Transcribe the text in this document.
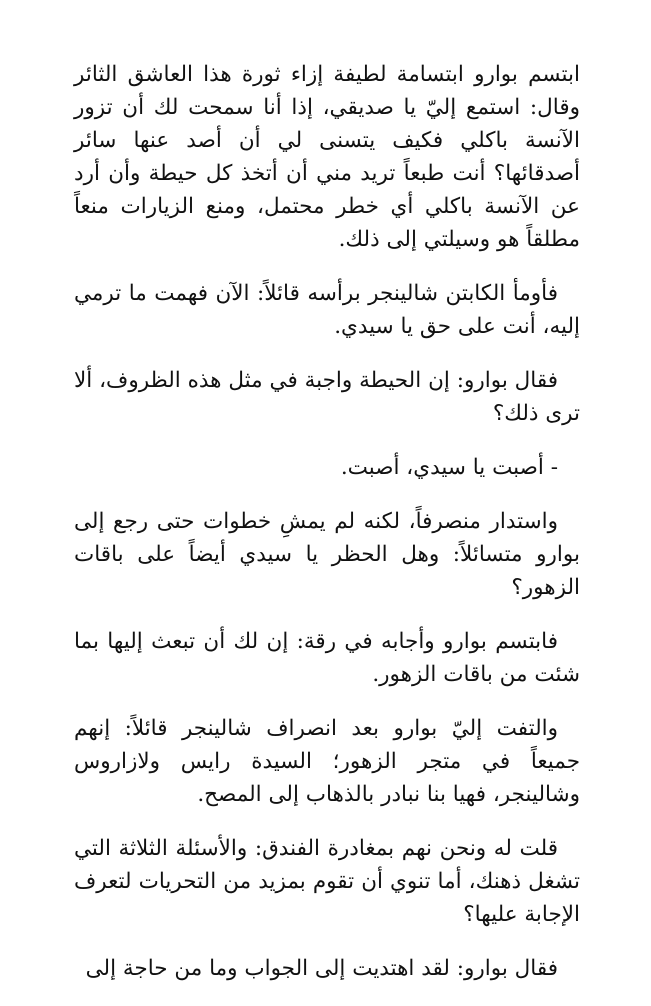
ابتسم بوارو ابتسامة لطيفة إزاء ثورة هذا العاشق الثائر وقال: استمع إليّ يا صديقي، إذا أنا سمحت لك أن تزور الآنسة باكلي فكيف يتسنى لي أن أصد عنها سائر أصدقائها؟ أنت طبعاً تريد مني أن أتخذ كل حيطة وأن أرد عن الآنسة باكلي أي خطر محتمل، ومنع الزيارات منعاً مطلقاً هو وسيلتي إلى ذلك.

فأومأ الكابتن شالينجر برأسه قائلاً: الآن فهمت ما ترمي إليه، أنت على حق يا سيدي.

فقال بوارو: إن الحيطة واجبة في مثل هذه الظروف، ألا ترى ذلك؟

- أصبت يا سيدي، أصبت.

واستدار منصرفاً، لكنه لم يمشِ خطوات حتى رجع إلى بوارو متسائلاً: وهل الحظر يا سيدي أيضاً على باقات الزهور؟

فابتسم بوارو وأجابه في رقة: إن لك أن تبعث إليها بما شئت من باقات الزهور.

والتفت إليّ بوارو بعد انصراف شالينجر قائلاً: إنهم جميعاً في متجر الزهور؛ السيدة رايس ولازاروس وشالينجر، فهيا بنا نبادر بالذهاب إلى المصح.

قلت له ونحن نهم بمغادرة الفندق: والأسئلة الثلاثة التي تشغل ذهنك، أما تنوي أن تقوم بمزيد من التحريات لتعرف الإجابة عليها؟

فقال بوارو: لقد اهتديت إلى الجواب وما من حاجة إلى
